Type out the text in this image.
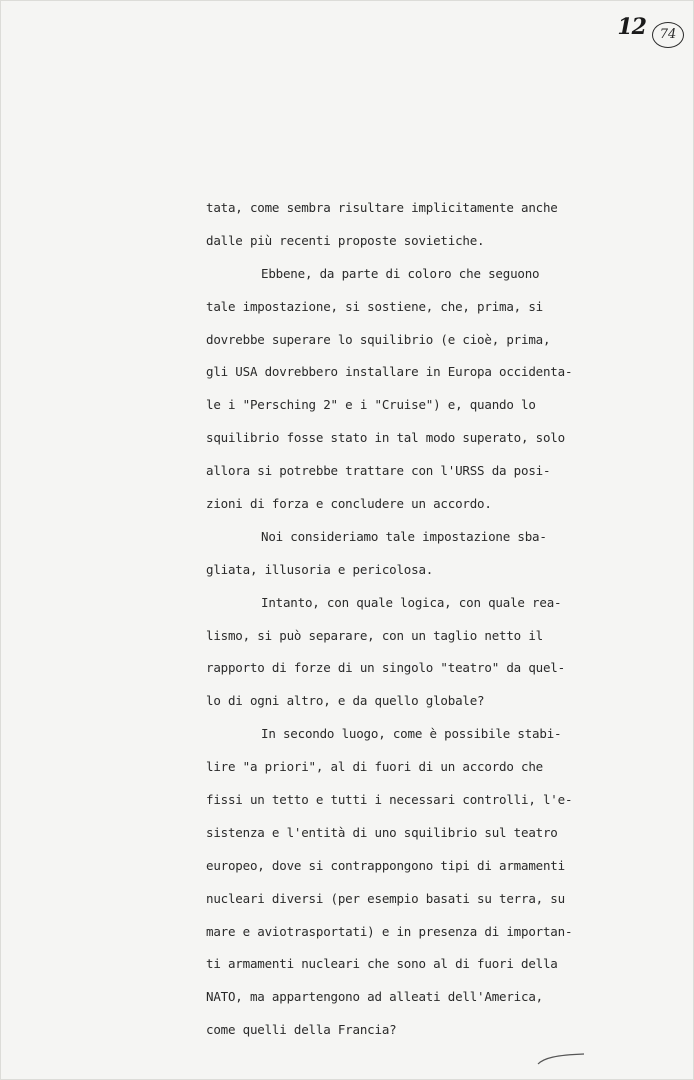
12	74
tata, come sembra risultare implicitamente anche
dalle più recenti proposte sovietiche.
Ebbene, da parte di coloro che seguono
tale impostazione, si sostiene, che, prima, si
dovrebbe superare lo squilibrio (e cioè, prima,
gli USA dovrebbero installare in Europa occidenta-
le i "Persching 2" e i "Cruise") e, quando lo
squilibrio fosse stato in tal modo superato, solo
allora si potrebbe trattare con l'URSS da posi-
zioni di forza e concludere un accordo.
Noi consideriamo tale impostazione sba-
gliata, illusoria e pericolosa.
Intanto, con quale logica, con quale rea-
lismo, si può separare, con un taglio netto il
rapporto di forze di un singolo "teatro" da quel-
lo di ogni altro, e da quello globale?
In secondo luogo, come è possibile stabi-
lire "a priori", al di fuori di un accordo che
fissi un tetto e tutti i necessari controlli, l'e-
sistenza e l'entità di uno squilibrio sul teatro
europeo, dove si contrappongono tipi di armamenti
nucleari diversi (per esempio basati su terra, su
mare e aviotrasportati) e in presenza di importan-
ti armamenti nucleari che sono al di fuori della
NATO, ma appartengono ad alleati dell'America,
come quelli della Francia?
